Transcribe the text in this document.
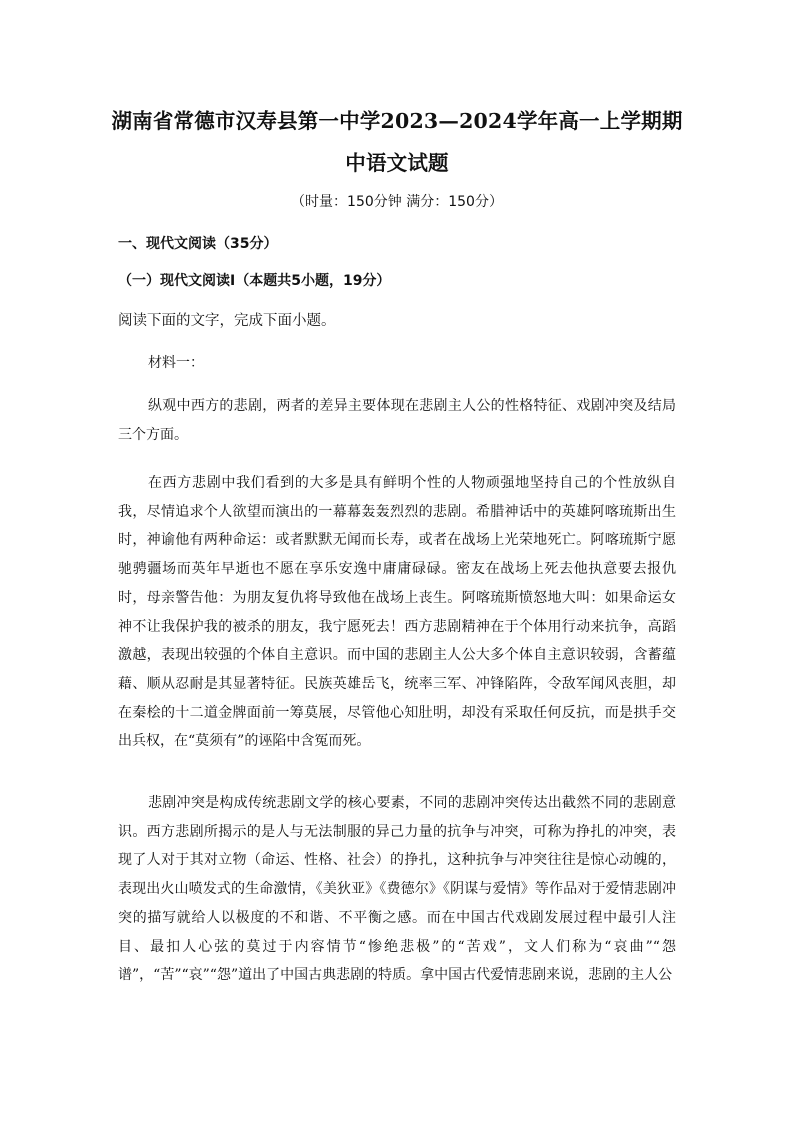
湖南省常德市汉寿县第一中学2023—2024学年高一上学期期
中语文试题
（时量：150分钟 满分：150分）
一、现代文阅读（35分）
（一）现代文阅读Ⅰ（本题共5小题，19分）
阅读下面的文字，完成下面小题。
材料一：

纵观中西方的悲剧，两者的差异主要体现在悲剧主人公的性格特征、戏剧冲突及结局三个方面。

在西方悲剧中我们看到的大多是具有鲜明个性的人物顽强地坚持自己的个性放纵自我，尽情追求个人欲望而演出的一幕幕轰轰烈烈的悲剧。希腊神话中的英雄阿喀琉斯出生时，神谕他有两种命运：或者默默无闻而长寿，或者在战场上光荣地死亡。阿喀琉斯宁愿驰骋疆场而英年早逝也不愿在享乐安逸中庸庸碌碌。密友在战场上死去他执意要去报仇时，母亲警告他：为朋友复仇将导致他在战场上丧生。阿喀琉斯愤怒地大叫：如果命运女神不让我保护我的被杀的朋友，我宁愿死去！西方悲剧精神在于个体用行动来抗争，高蹈激越，表现出较强的个体自主意识。而中国的悲剧主人公大多个体自主意识较弱，含蓄蕴藉、顺从忍耐是其显著特征。民族英雄岳飞，统率三军、冲锋陷阵，令敌军闻风丧胆，却在秦桧的十二道金牌面前一筹莫展，尽管他心知肚明，却没有采取任何反抗，而是拱手交出兵权，在“莫须有”的诬陷中含冤而死。

悲剧冲突是构成传统悲剧文学的核心要素，不同的悲剧冲突传达出截然不同的悲剧意识。西方悲剧所揭示的是人与无法制服的异己力量的抗争与冲突，可称为挣扎的冲突，表现了人对于其对立物（命运、性格、社会）的挣扎，这种抗争与冲突往往是惊心动魄的，表现出火山喷发式的生命激情，《美狄亚》《费德尔》《阴谋与爱情》等作品对于爱情悲剧冲突的描写就给人以极度的不和谐、不平衡之感。而在中国古代戏剧发展过程中最引人注目、最扣人心弦的莫过于内容情节“惨绝悲极”的“苦戏”，文人们称为“哀曲”“怨谱”，“苦”“哀”“怨”道出了中国古典悲剧的特质。拿中国古代爱情悲剧来说，悲剧的主人公
